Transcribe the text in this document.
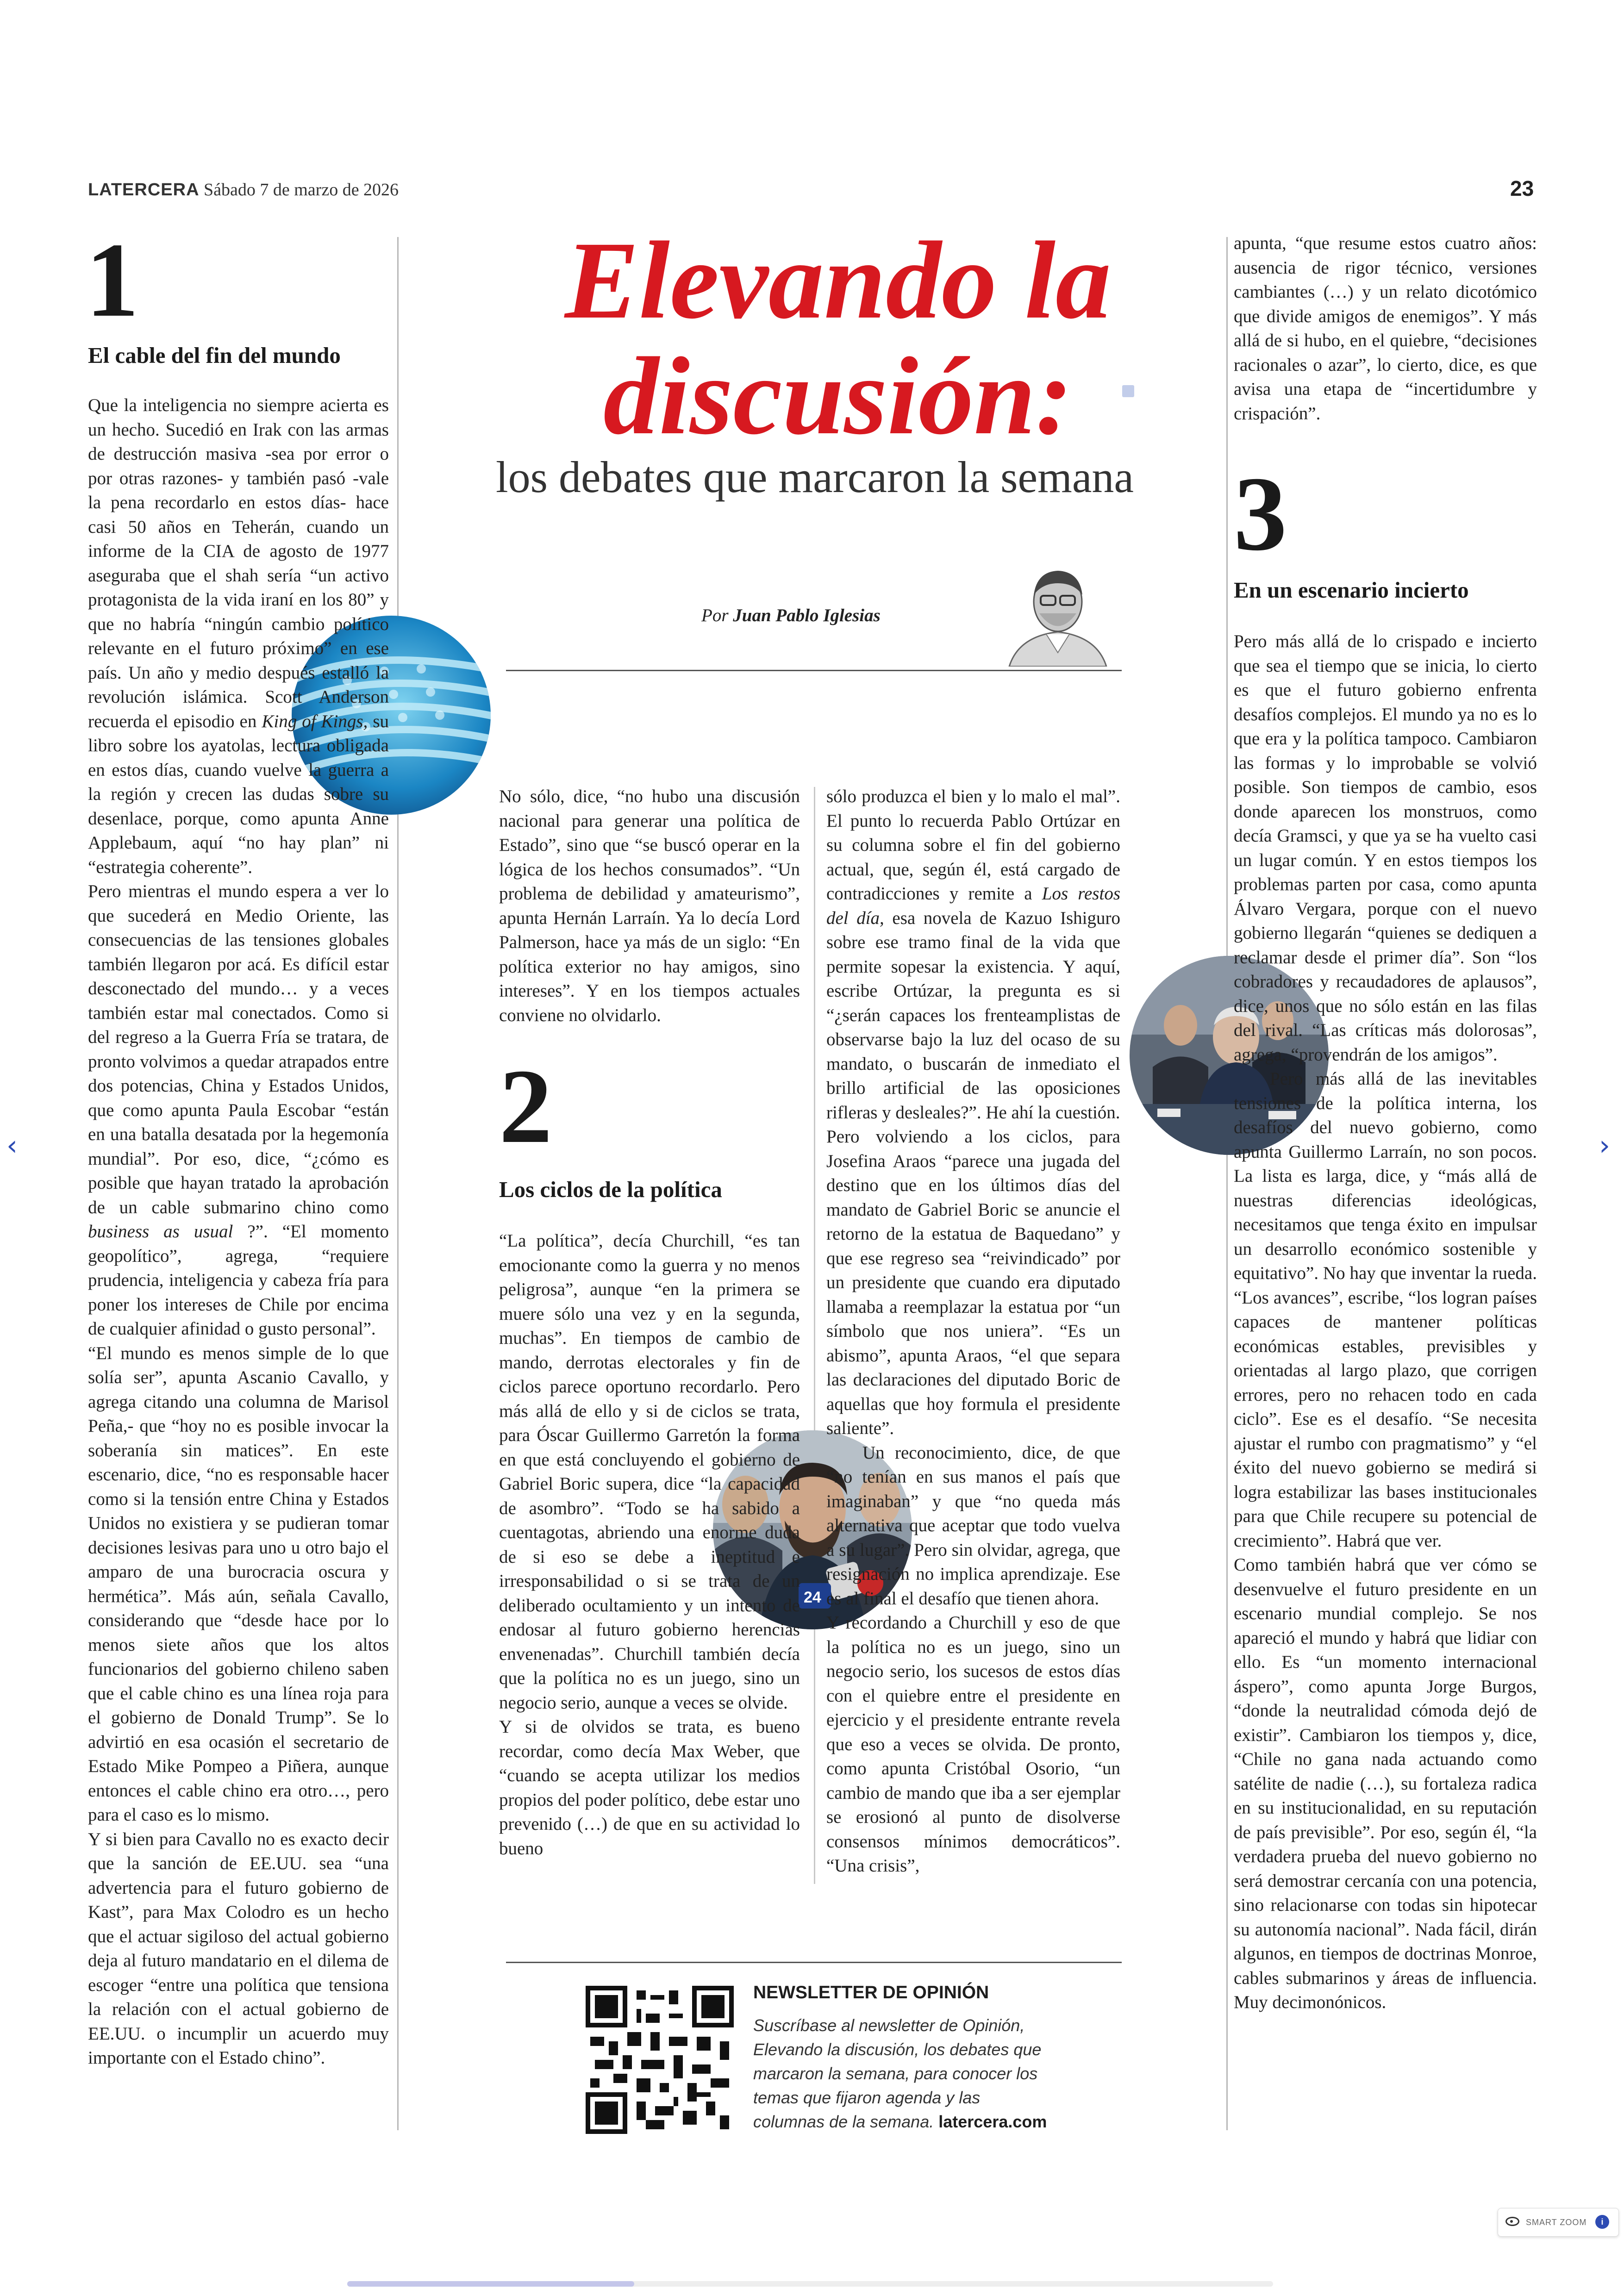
LATERCERA Sábado 7 de marzo de 2026	23
Elevando la
discusión:
los debates que marcaron la semana
Por Juan Pablo Iglesias
1
El cable del fin del mundo

Que la inteligencia no siempre acierta es un hecho. Sucedió en Irak con las armas de destrucción masiva -sea por error o por otras razones- y también pasó -vale la pena recordarlo en estos días- hace casi 50 años en Teherán, cuando un informe de la CIA de agosto de 1977 aseguraba que el shah sería “un activo protagonista de la vida iraní en los 80” y que no habría “ningún cambio político relevante en el futuro próximo” en ese país. Un año y medio después estalló la revolución islámica. Scott Anderson recuerda el episodio en King of Kings, su libro sobre los ayatolas, lectura obligada en estos días, cuando vuelve la guerra a la región y crecen las dudas sobre su desenlace, porque, como apunta Anne Applebaum, aquí “no hay plan” ni “estrategia coherente”.

Pero mientras el mundo espera a ver lo que sucederá en Medio Oriente, las consecuencias de las tensiones globales también llegaron por acá. Es difícil estar desconectado del mundo… y a veces también estar mal conectados. Como si del regreso a la Guerra Fría se tratara, de pronto volvimos a quedar atrapados entre dos potencias, China y Estados Unidos, que como apunta Paula Escobar “están en una batalla desatada por la hegemonía mundial”. Por eso, dice, “¿cómo es posible que hayan tratado la aprobación de un cable submarino chino como business as usual ?”. “El momento geopolítico”, agrega, “requiere prudencia, inteligencia y cabeza fría para poner los intereses de Chile por encima de cualquier afinidad o gusto personal”.

“El mundo es menos simple de lo que solía ser”, apunta Ascanio Cavallo, y agrega citando una columna de Marisol Peña,- que “hoy no es posible invocar la soberanía sin matices”. En este escenario, dice, “no es responsable hacer como si la tensión entre China y Estados Unidos no existiera y se pudieran tomar decisiones lesivas para uno u otro bajo el amparo de una burocracia oscura y hermética”. Más aún, señala Cavallo, considerando que “desde hace por lo menos siete años que los altos funcionarios del gobierno chileno saben que el cable chino es una línea roja para el gobierno de Donald Trump”. Se lo advirtió en esa ocasión el secretario de Estado Mike Pompeo a Piñera, aunque entonces el cable chino era otro…, pero para el caso es lo mismo.

Y si bien para Cavallo no es exacto decir que la sanción de EE.UU. sea “una advertencia para el futuro gobierno de Kast”, para Max Colodro es un hecho que el actuar sigiloso del actual gobierno deja al futuro mandatario en el dilema de escoger “entre una política que tensiona la relación con el actual gobierno de EE.UU. o incumplir un acuerdo muy importante con el Estado chino”.

No sólo, dice, “no hubo una discusión nacional para generar una política de Estado”, sino que “se buscó operar en la lógica de los hechos consumados”. “Un problema de debilidad y amateurismo”, apunta Hernán Larraín. Ya lo decía Lord Palmerson, hace ya más de un siglo: “En política exterior no hay amigos, sino intereses”. Y en los tiempos actuales conviene no olvidarlo.

2
Los ciclos de la política
24

“La política”, decía Churchill, “es tan emocionante como la guerra y no menos peligrosa”, aunque “en la primera se muere sólo una vez y en la segunda, muchas”. En tiempos de cambio de mando, derrotas electorales y fin de ciclos parece oportuno recordarlo. Pero más allá de ello y si de ciclos se trata, para Óscar Guillermo Garretón la forma en que está concluyendo el gobierno de Gabriel Boric supera, dice “la capacidad de asombro”. “Todo se ha sabido a cuentagotas, abriendo una enorme duda de si eso se debe a ineptitud e irresponsabilidad o si se trata de un deliberado ocultamiento y un intento de endosar al futuro gobierno herencias envenenadas”. Churchill también decía que la política no es un juego, sino un negocio serio, aunque a veces se olvide.

Y si de olvidos se trata, es bueno recordar, como decía Max Weber, que “cuando se acepta utilizar los medios propios del poder político, debe estar uno prevenido (…) de que en su actividad lo bueno

sólo produzca el bien y lo malo el mal”. El punto lo recuerda Pablo Ortúzar en su columna sobre el fin del gobierno actual, que, según él, está cargado de contradicciones y remite a Los restos del día, esa novela de Kazuo Ishiguro sobre ese tramo final de la vida que permite sopesar la existencia. Y aquí, escribe Ortúzar, la pregunta es si “¿serán capaces los frenteamplistas de observarse bajo la luz del ocaso de su mandato, o buscarán de inmediato el brillo artificial de las oposiciones rifleras y desleales?”. He ahí la cuestión.

Pero volviendo a los ciclos, para Josefina Araos “parece una jugada del destino que en los últimos días del mandato de Gabriel Boric se anuncie el retorno de la estatua de Baquedano” y que ese regreso sea “reivindicado” por un presidente que cuando era diputado llamaba a reemplazar la estatua por “un símbolo que nos uniera”. “Es un abismo”, apunta Araos, “el que separa las declaraciones del diputado Boric de aquellas que hoy formula el presidente saliente”.

Un reconocimiento, dice, de que “no tenían en sus manos el país que imaginaban” y que “no queda más alternativa que aceptar que todo vuelva a su lugar”. Pero sin olvidar, agrega, que resignación no implica aprendizaje. Ese es al final el desafío que tienen ahora.

Y recordando a Churchill y eso de que la política no es un juego, sino un negocio serio, los sucesos de estos días con el quiebre entre el presidente en ejercicio y el presidente entrante revela que eso a veces se olvida. De pronto, como apunta Cristóbal Osorio, “un cambio de mando que iba a ser ejemplar se erosionó al punto de disolverse consensos mínimos democráticos”. “Una crisis”,

apunta, “que resume estos cuatro años: ausencia de rigor técnico, versiones cambiantes (…) y un relato dicotómico que divide amigos de enemigos”. Y más allá de si hubo, en el quiebre, “decisiones racionales o azar”, lo cierto, dice, es que avisa una etapa de “incertidumbre y crispación”.

3
En un escenario incierto

Pero más allá de lo crispado e incierto que sea el tiempo que se inicia, lo cierto es que el futuro gobierno enfrenta desafíos complejos. El mundo ya no es lo que era y la política tampoco. Cambiaron las formas y lo improbable se volvió posible. Son tiempos de cambio, esos donde aparecen los monstruos, como decía Gramsci, y que ya se ha vuelto casi un lugar común. Y en estos tiempos los problemas parten por casa, como apunta Álvaro Vergara, porque con el nuevo gobierno llegarán “quienes se dediquen a reclamar desde el primer día”. Son “los cobradores y recaudadores de aplausos”, dice, unos que no sólo están en las filas del rival. “Las críticas más dolorosas”, agrega, “provendrán de los amigos”.

Pero más allá de las inevitables tensiones de la política interna, los desafíos del nuevo gobierno, como apunta Guillermo Larraín, no son pocos. La lista es larga, dice, y “más allá de nuestras diferencias ideológicas, necesitamos que tenga éxito en impulsar un desarrollo económico sostenible y equitativo”. No hay que inventar la rueda. “Los avances”, escribe, “los logran países capaces de mantener políticas económicas estables, previsibles y orientadas al largo plazo, que corrigen errores, pero no rehacen todo en cada ciclo”. Ese es el desafío. “Se necesita ajustar el rumbo con pragmatismo” y “el éxito del nuevo gobierno se medirá si logra estabilizar las bases institucionales para que Chile recupere su potencial de crecimiento”. Habrá que ver.

Como también habrá que ver cómo se desenvuelve el futuro presidente en un escenario mundial complejo. Se nos apareció el mundo y habrá que lidiar con ello. Es “un momento internacional áspero”, como apunta Jorge Burgos, “donde la neutralidad cómoda dejó de existir”. Cambiaron los tiempos y, dice, “Chile no gana nada actuando como satélite de nadie (…), su fortaleza radica en su institucionalidad, en su reputación de país previsible”. Por eso, según él, “la verdadera prueba del nuevo gobierno no será demostrar cercanía con una potencia, sino relacionarse con todas sin hipotecar su autonomía nacional”. Nada fácil, dirán algunos, en tiempos de doctrinas Monroe, cables submarinos y áreas de influencia. Muy decimonónicos.

NEWSLETTER DE OPINIÓN
Suscríbase al newsletter de Opinión, Elevando la discusión, los debates que marcaron la semana, para conocer los temas que fijaron agenda y las columnas de la semana. latercera.com
‹	›
SMART ZOOM	i
